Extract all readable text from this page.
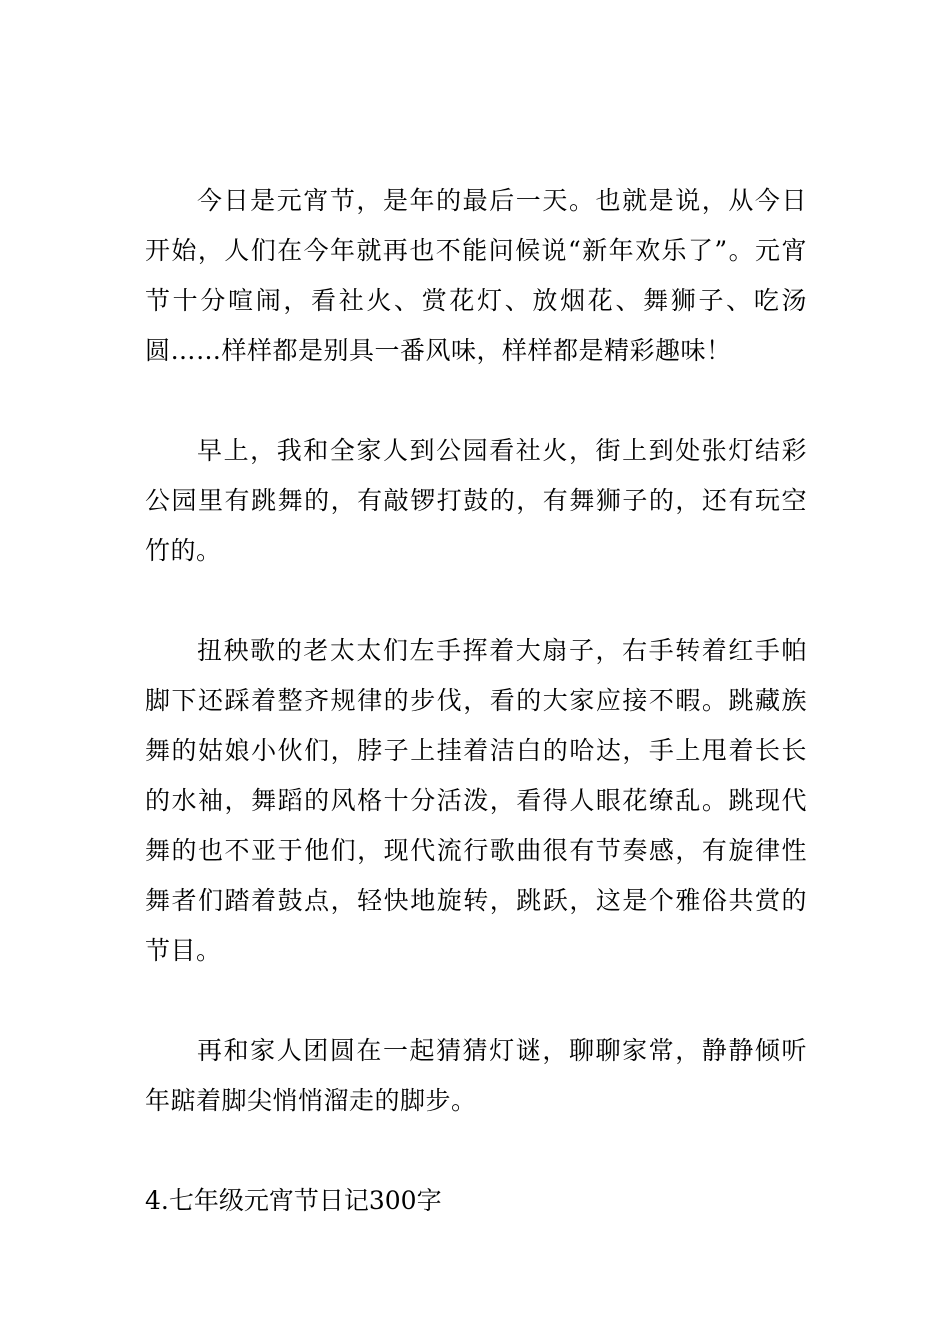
今日是元宵节，是年的最后一天。也就是说，从今日开始，人们在今年就再也不能问候说“新年欢乐了”。元宵节十分喧闹，看社火、赏花灯、放烟花、舞狮子、吃汤圆……样样都是别具一番风味，样样都是精彩趣味！

早上，我和全家人到公园看社火，街上到处张灯结彩公园里有跳舞的，有敲锣打鼓的，有舞狮子的，还有玩空竹的。

扭秧歌的老太太们左手挥着大扇子，右手转着红手帕脚下还踩着整齐规律的步伐，看的大家应接不暇。跳藏族舞的姑娘小伙们，脖子上挂着洁白的哈达，手上甩着长长的水袖，舞蹈的风格十分活泼，看得人眼花缭乱。跳现代舞的也不亚于他们，现代流行歌曲很有节奏感，有旋律性舞者们踏着鼓点，轻快地旋转，跳跃，这是个雅俗共赏的节目。

再和家人团圆在一起猜猜灯谜，聊聊家常，静静倾听年踮着脚尖悄悄溜走的脚步。

4.七年级元宵节日记300字
